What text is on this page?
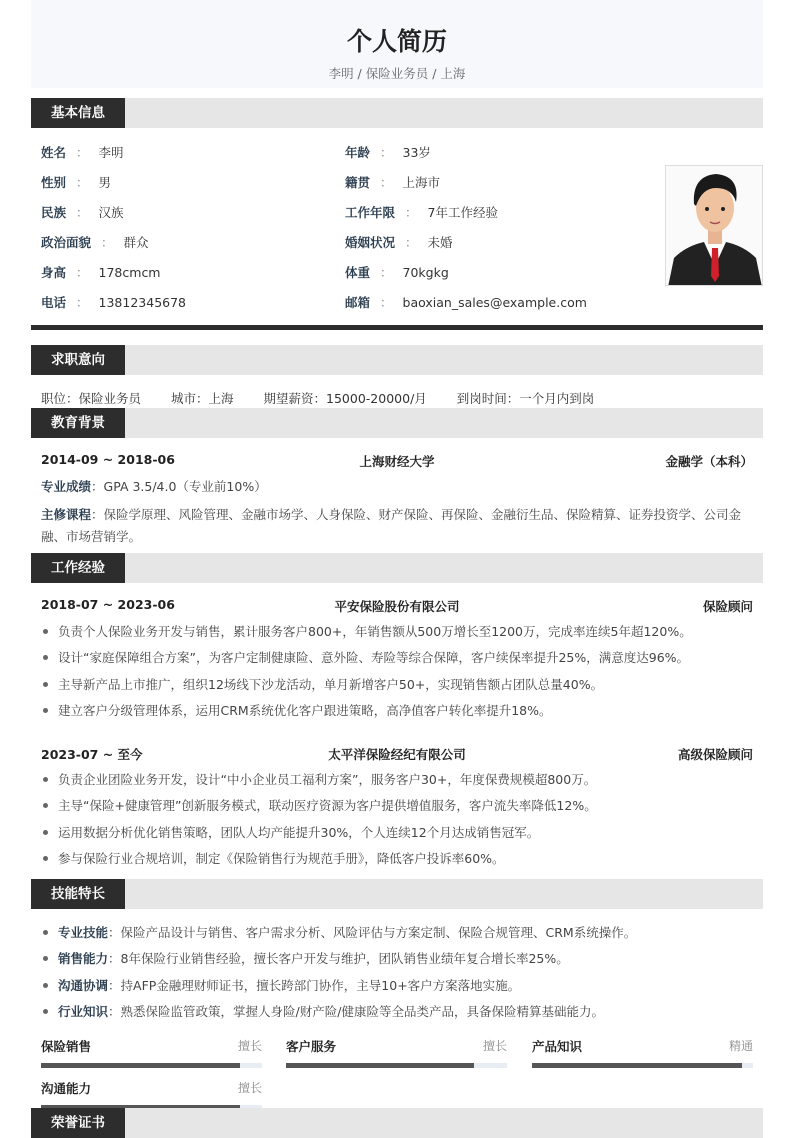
个人简历
李明 / 保险业务员 / 上海
基本信息
姓名 ： 李明
性别 ： 男
民族 ： 汉族
政治面貌 ： 群众
身高 ： 178cmcm
电话 ： 13812345678
年龄 ： 33岁
籍贯 ： 上海市
工作年限 ： 7年工作经验
婚姻状况 ： 未婚
体重 ： 70kgkg
邮箱 ： baoxian_sales@example.com
求职意向
职位：保险业务员 城市：上海 期望薪资：15000-20000/月 到岗时间：一个月内到岗
教育背景
2014-09 ~ 2018-06	上海财经大学	金融学（本科）
专业成绩：GPA 3.5/4.0（专业前10%）
主修课程：保险学原理、风险管理、金融市场学、人身保险、财产保险、再保险、金融衍生品、保险精算、证券投资学、公司金融、市场营销学。
工作经验
2018-07 ~ 2023-06	平安保险股份有限公司	保险顾问
负责个人保险业务开发与销售，累计服务客户800+，年销售额从500万增长至1200万，完成率连续5年超120%。
设计“家庭保障组合方案”，为客户定制健康险、意外险、寿险等综合保障，客户续保率提升25%，满意度达96%。
主导新产品上市推广，组织12场线下沙龙活动，单月新增客户50+，实现销售额占团队总量40%。
建立客户分级管理体系，运用CRM系统优化客户跟进策略，高净值客户转化率提升18%。
2023-07 ~ 至今	太平洋保险经纪有限公司	高级保险顾问
负责企业团险业务开发，设计“中小企业员工福利方案”，服务客户30+，年度保费规模超800万。
主导“保险+健康管理”创新服务模式，联动医疗资源为客户提供增值服务，客户流失率降低12%。
运用数据分析优化销售策略，团队人均产能提升30%，个人连续12个月达成销售冠军。
参与保险行业合规培训，制定《保险销售行为规范手册》，降低客户投诉率60%。
技能特长
专业技能：保险产品设计与销售、客户需求分析、风险评估与方案定制、保险合规管理、CRM系统操作。
销售能力：8年保险行业销售经验，擅长客户开发与维护，团队销售业绩年复合增长率25%。
沟通协调：持AFP金融理财师证书，擅长跨部门协作，主导10+客户方案落地实施。
行业知识：熟悉保险监管政策，掌握人身险/财产险/健康险等全品类产品，具备保险精算基础能力。
保险销售	擅长 客户服务	擅长 产品知识	精通
沟通能力	擅长
荣誉证书
